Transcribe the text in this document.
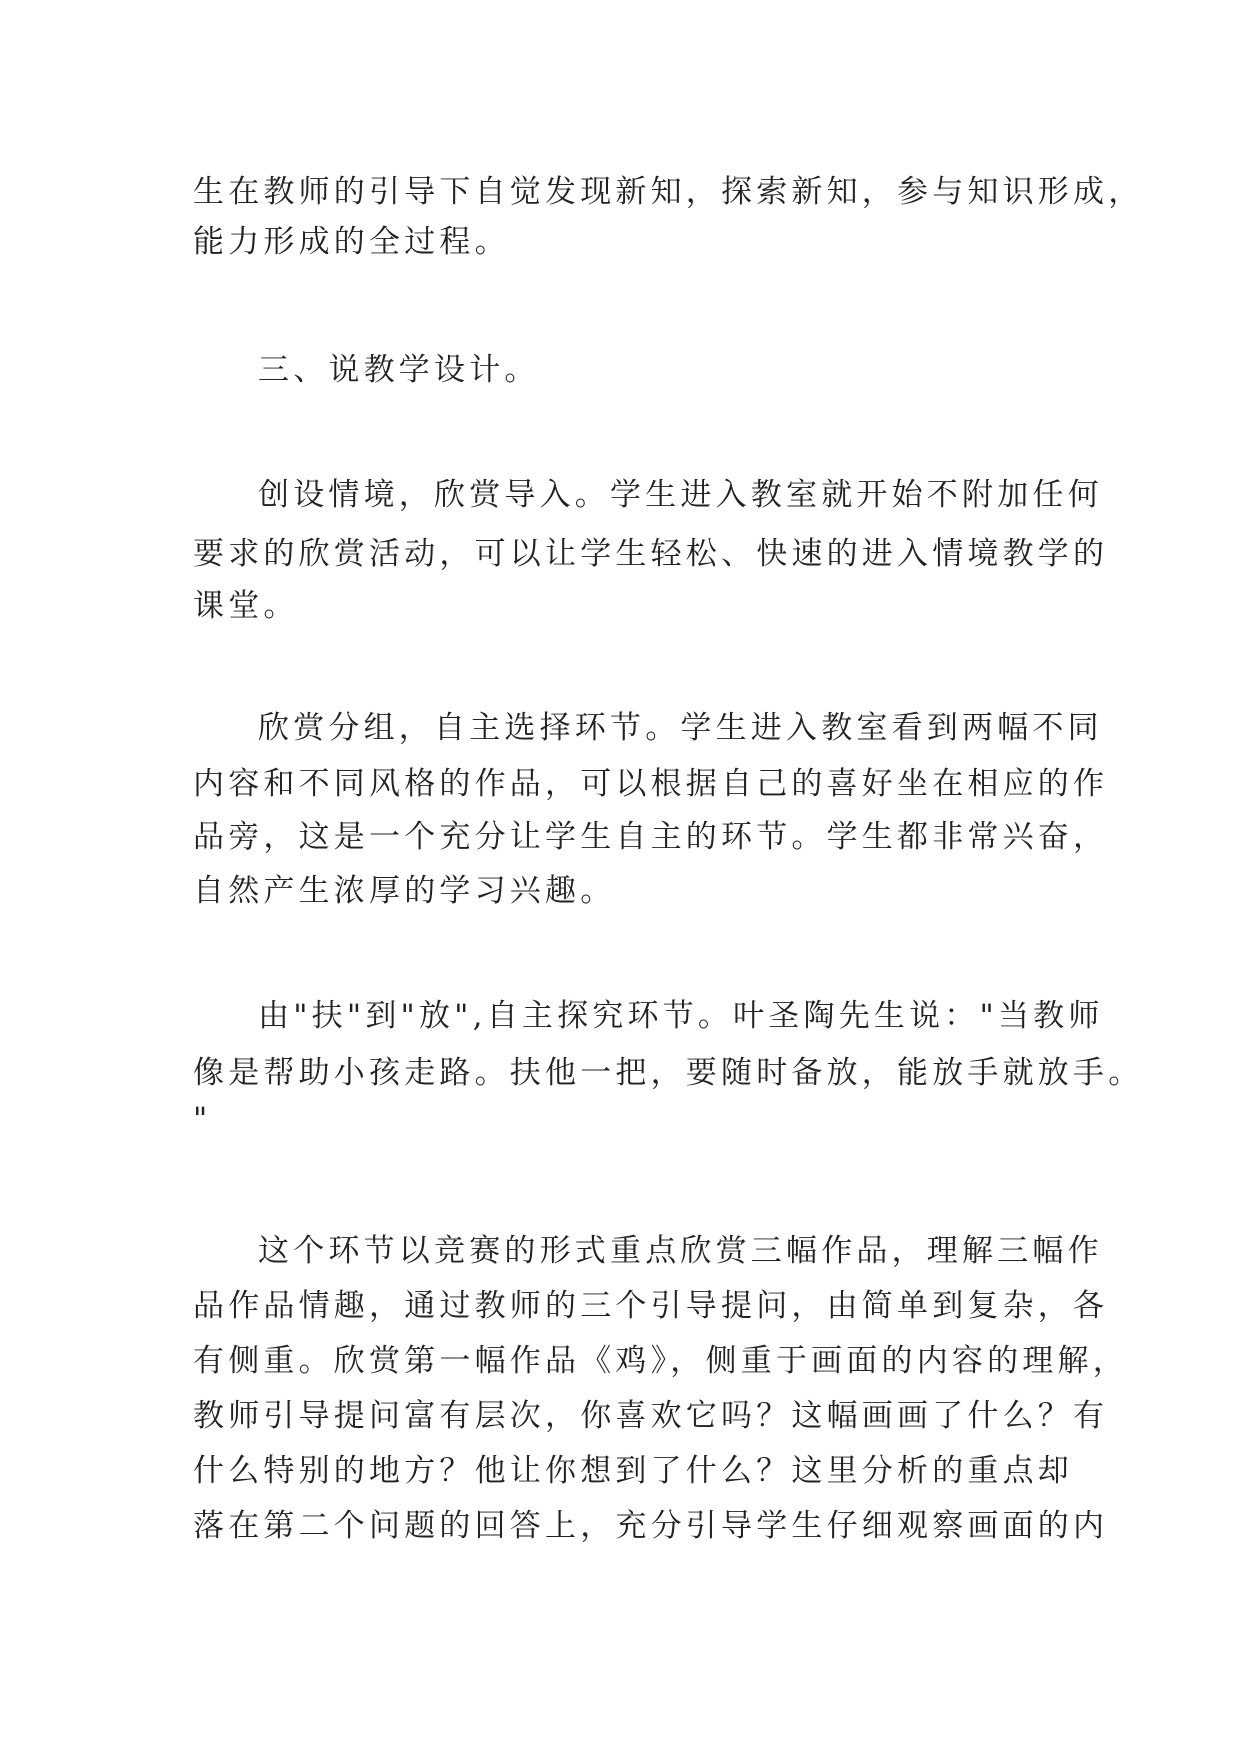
生在教师的引导下自觉发现新知，探索新知，参与知识形成，
能力形成的全过程。
三、说教学设计。
创设情境，欣赏导入。学生进入教室就开始不附加任何
要求的欣赏活动，可以让学生轻松、快速的进入情境教学的
课堂。
欣赏分组，自主选择环节。学生进入教室看到两幅不同
内容和不同风格的作品，可以根据自己的喜好坐在相应的作
品旁，这是一个充分让学生自主的环节。学生都非常兴奋，
自然产生浓厚的学习兴趣。
由"扶"到"放",自主探究环节。叶圣陶先生说："当教师
像是帮助小孩走路。扶他一把，要随时备放，能放手就放手。
"
这个环节以竞赛的形式重点欣赏三幅作品，理解三幅作
品作品情趣，通过教师的三个引导提问，由简单到复杂，各
有侧重。欣赏第一幅作品《鸡》，侧重于画面的内容的理解，
教师引导提问富有层次，你喜欢它吗？这幅画画了什么？有
什么特别的地方？他让你想到了什么？这里分析的重点却
落在第二个问题的回答上，充分引导学生仔细观察画面的内
